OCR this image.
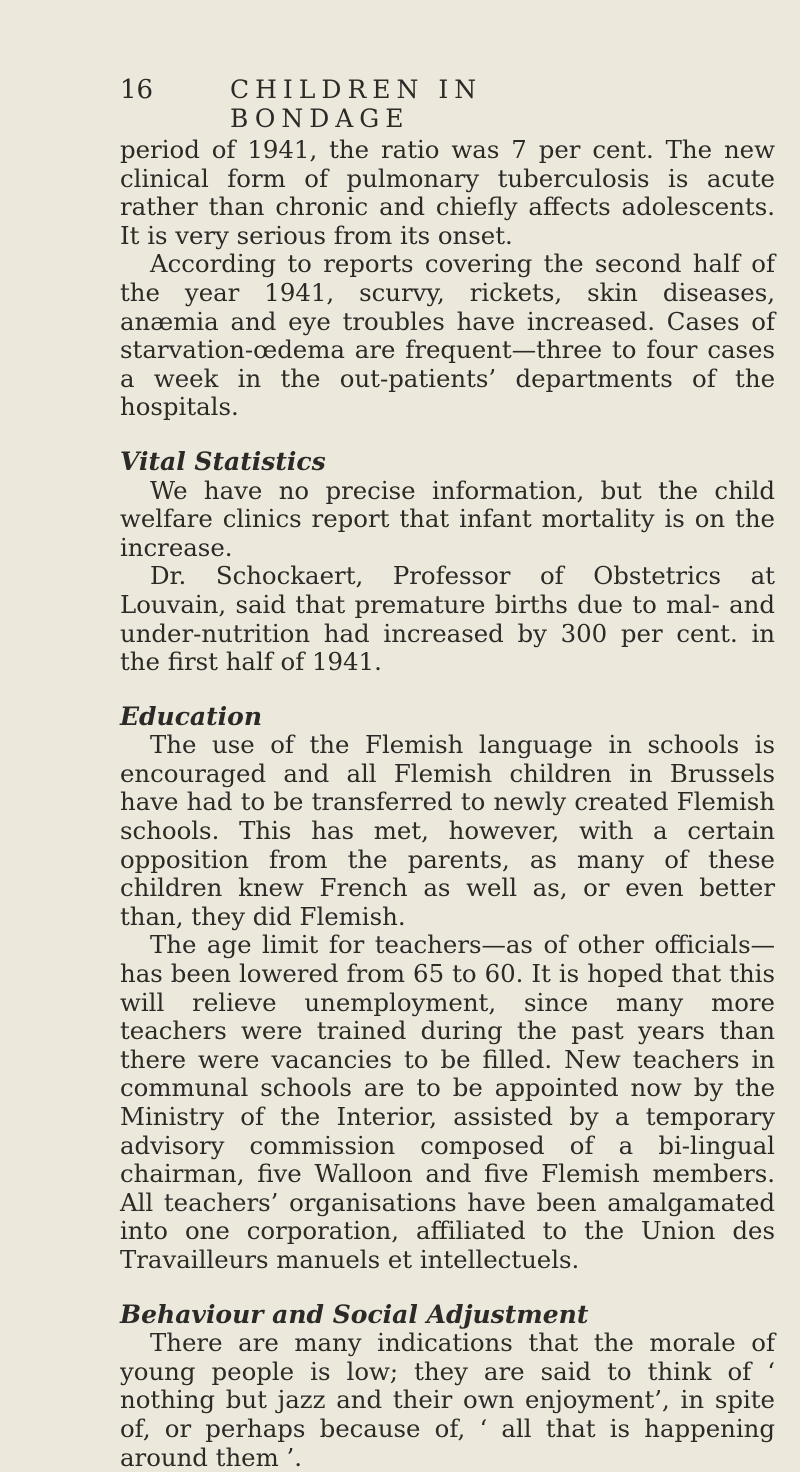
16	CHILDREN IN BONDAGE

period of 1941, the ratio was 7 per cent. The new clinical form of pulmonary tuberculosis is acute rather than chronic and chiefly affects adolescents. It is very serious from its onset.

According to reports covering the second half of the year 1941, scurvy, rickets, skin diseases, anæmia and eye troubles have increased. Cases of starvation-œdema are frequent—three to four cases a week in the out-patients’ departments of the hospitals.

Vital Statistics

We have no precise information, but the child welfare clinics report that infant mortality is on the increase.

Dr. Schockaert, Professor of Obstetrics at Louvain, said that premature births due to mal- and under-nutrition had increased by 300 per cent. in the first half of 1941.

Education

The use of the Flemish language in schools is encouraged and all Flemish children in Brussels have had to be transferred to newly created Flemish schools. This has met, however, with a certain opposition from the parents, as many of these children knew French as well as, or even better than, they did Flemish.

The age limit for teachers—as of other officials—has been lowered from 65 to 60. It is hoped that this will relieve unemployment, since many more teachers were trained during the past years than there were vacancies to be filled. New teachers in communal schools are to be appointed now by the Ministry of the Interior, assisted by a temporary advisory commission composed of a bi-lingual chairman, five Walloon and five Flemish members. All teachers’ organisations have been amalgamated into one corporation, affiliated to the Union des Travailleurs manuels et intellectuels.

Behaviour and Social Adjustment

There are many indications that the morale of young people is low; they are said to think of ‘ nothing but jazz and their own enjoyment’, in spite of, or perhaps because of, ‘ all that is happening around them ’.
